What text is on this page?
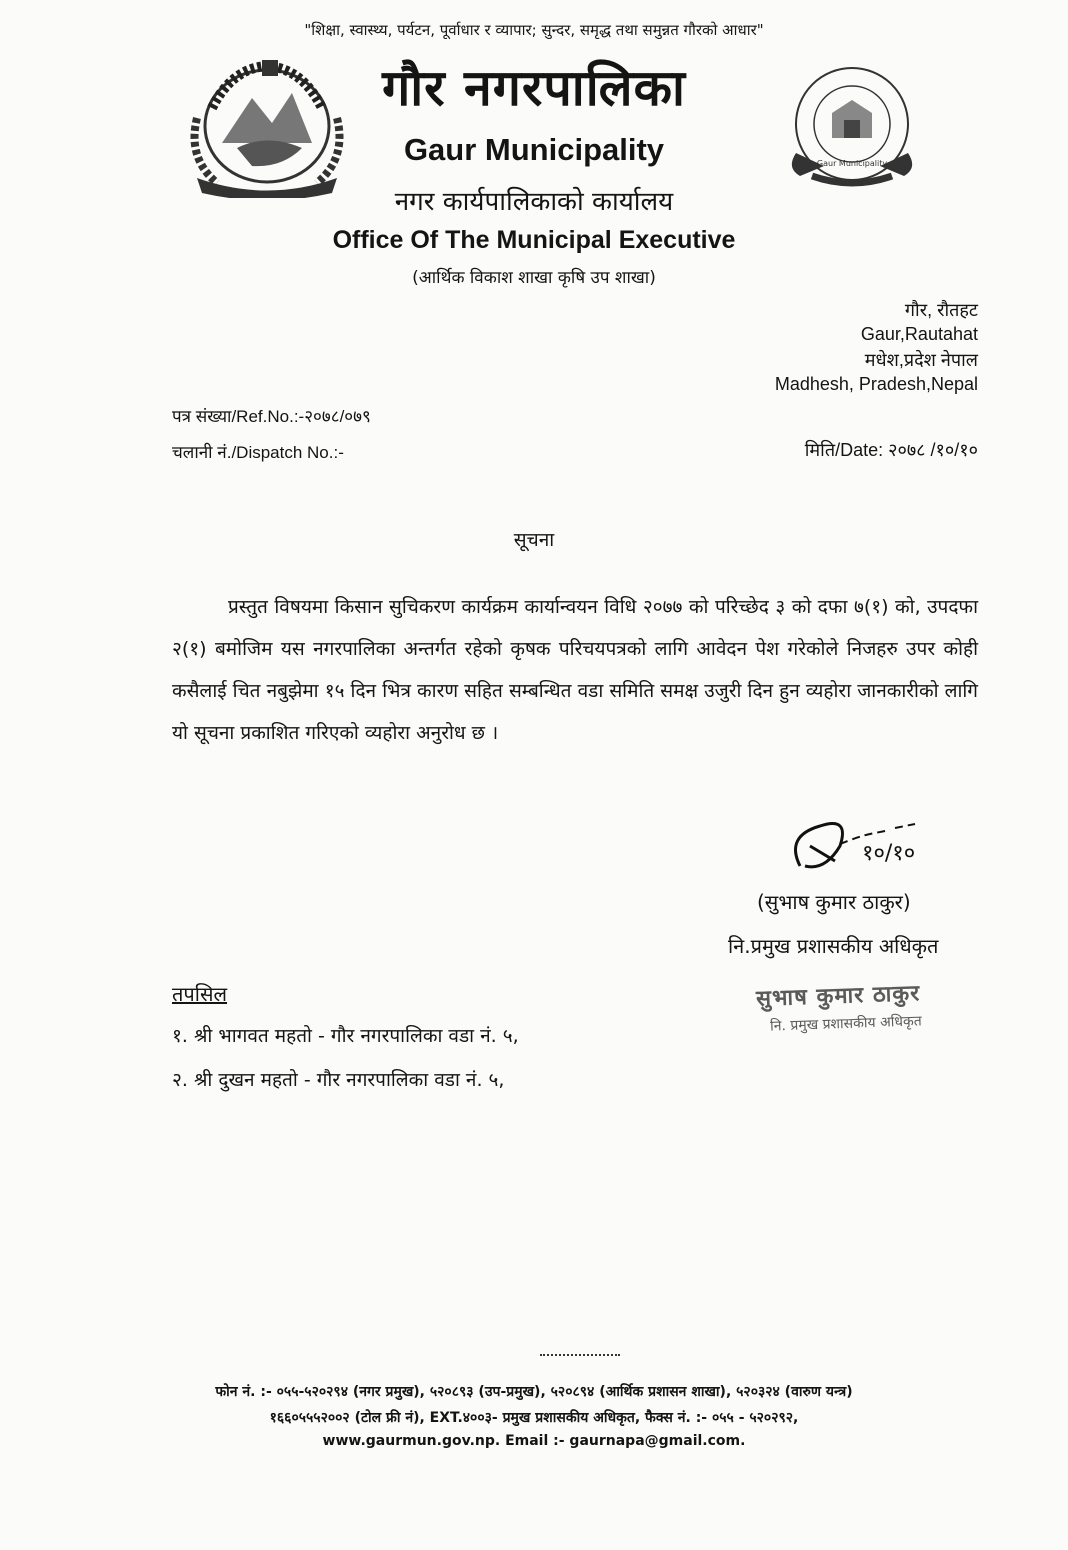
"शिक्षा, स्वास्थ्य, पर्यटन, पूर्वाधार र व्यापार; सुन्दर, समृद्ध तथा समुन्नत गौरको आधार"
Gaur Municipality
गौर नगरपालिका
Gaur Municipality
नगर कार्यपालिकाको कार्यालय
Office Of The Municipal Executive
(आर्थिक विकाश शाखा कृषि उप शाखा)
गौर, रौतहट
Gaur,Rautahat
मधेश,प्रदेश नेपाल
Madhesh, Pradesh,Nepal
पत्र संख्या/Ref.No.:-२०७८/०७९
चलानी नं./Dispatch No.:-	मिति/Date: २०७८ /१०/१०
सूचना
प्रस्तुत विषयमा किसान सुचिकरण कार्यक्रम कार्यान्वयन विधि २०७७ को परिच्छेद ३ को दफा ७(१) को, उपदफा २(१) बमोजिम यस नगरपालिका अन्तर्गत रहेको कृषक परिचयपत्रको लागि आवेदन पेश गरेकोले निजहरु उपर कोही कसैलाई चित नबुझेमा १५ दिन भित्र कारण सहित सम्बन्धित वडा समिति समक्ष उजुरी दिन हुन व्यहोरा जानकारीको लागि यो सूचना प्रकाशित गरिएको व्यहोरा अनुरोध छ ।
१०/१०
(सुभाष कुमार ठाकुर)
नि.प्रमुख प्रशासकीय अधिकृत
सुभाष कुमार ठाकुर
नि. प्रमुख प्रशासकीय अधिकृत
तपसिल
१. श्री भागवत महतो - गौर नगरपालिका वडा नं. ५,
२. श्री दुखन महतो - गौर नगरपालिका वडा नं. ५,
फोन नं. :- ०५५-५२०२९४ (नगर प्रमुख), ५२०८९३ (उप-प्रमुख), ५२०८९४ (आर्थिक प्रशासन शाखा), ५२०३२४ (वारुण यन्त्र)
१६६०५५५२००२ (टोल फ्री नं), EXT.४००३- प्रमुख प्रशासकीय अधिकृत, फैक्स नं. :- ०५५ - ५२०२९२,
www.gaurmun.gov.np. Email :- gaurnapa@gmail.com.
